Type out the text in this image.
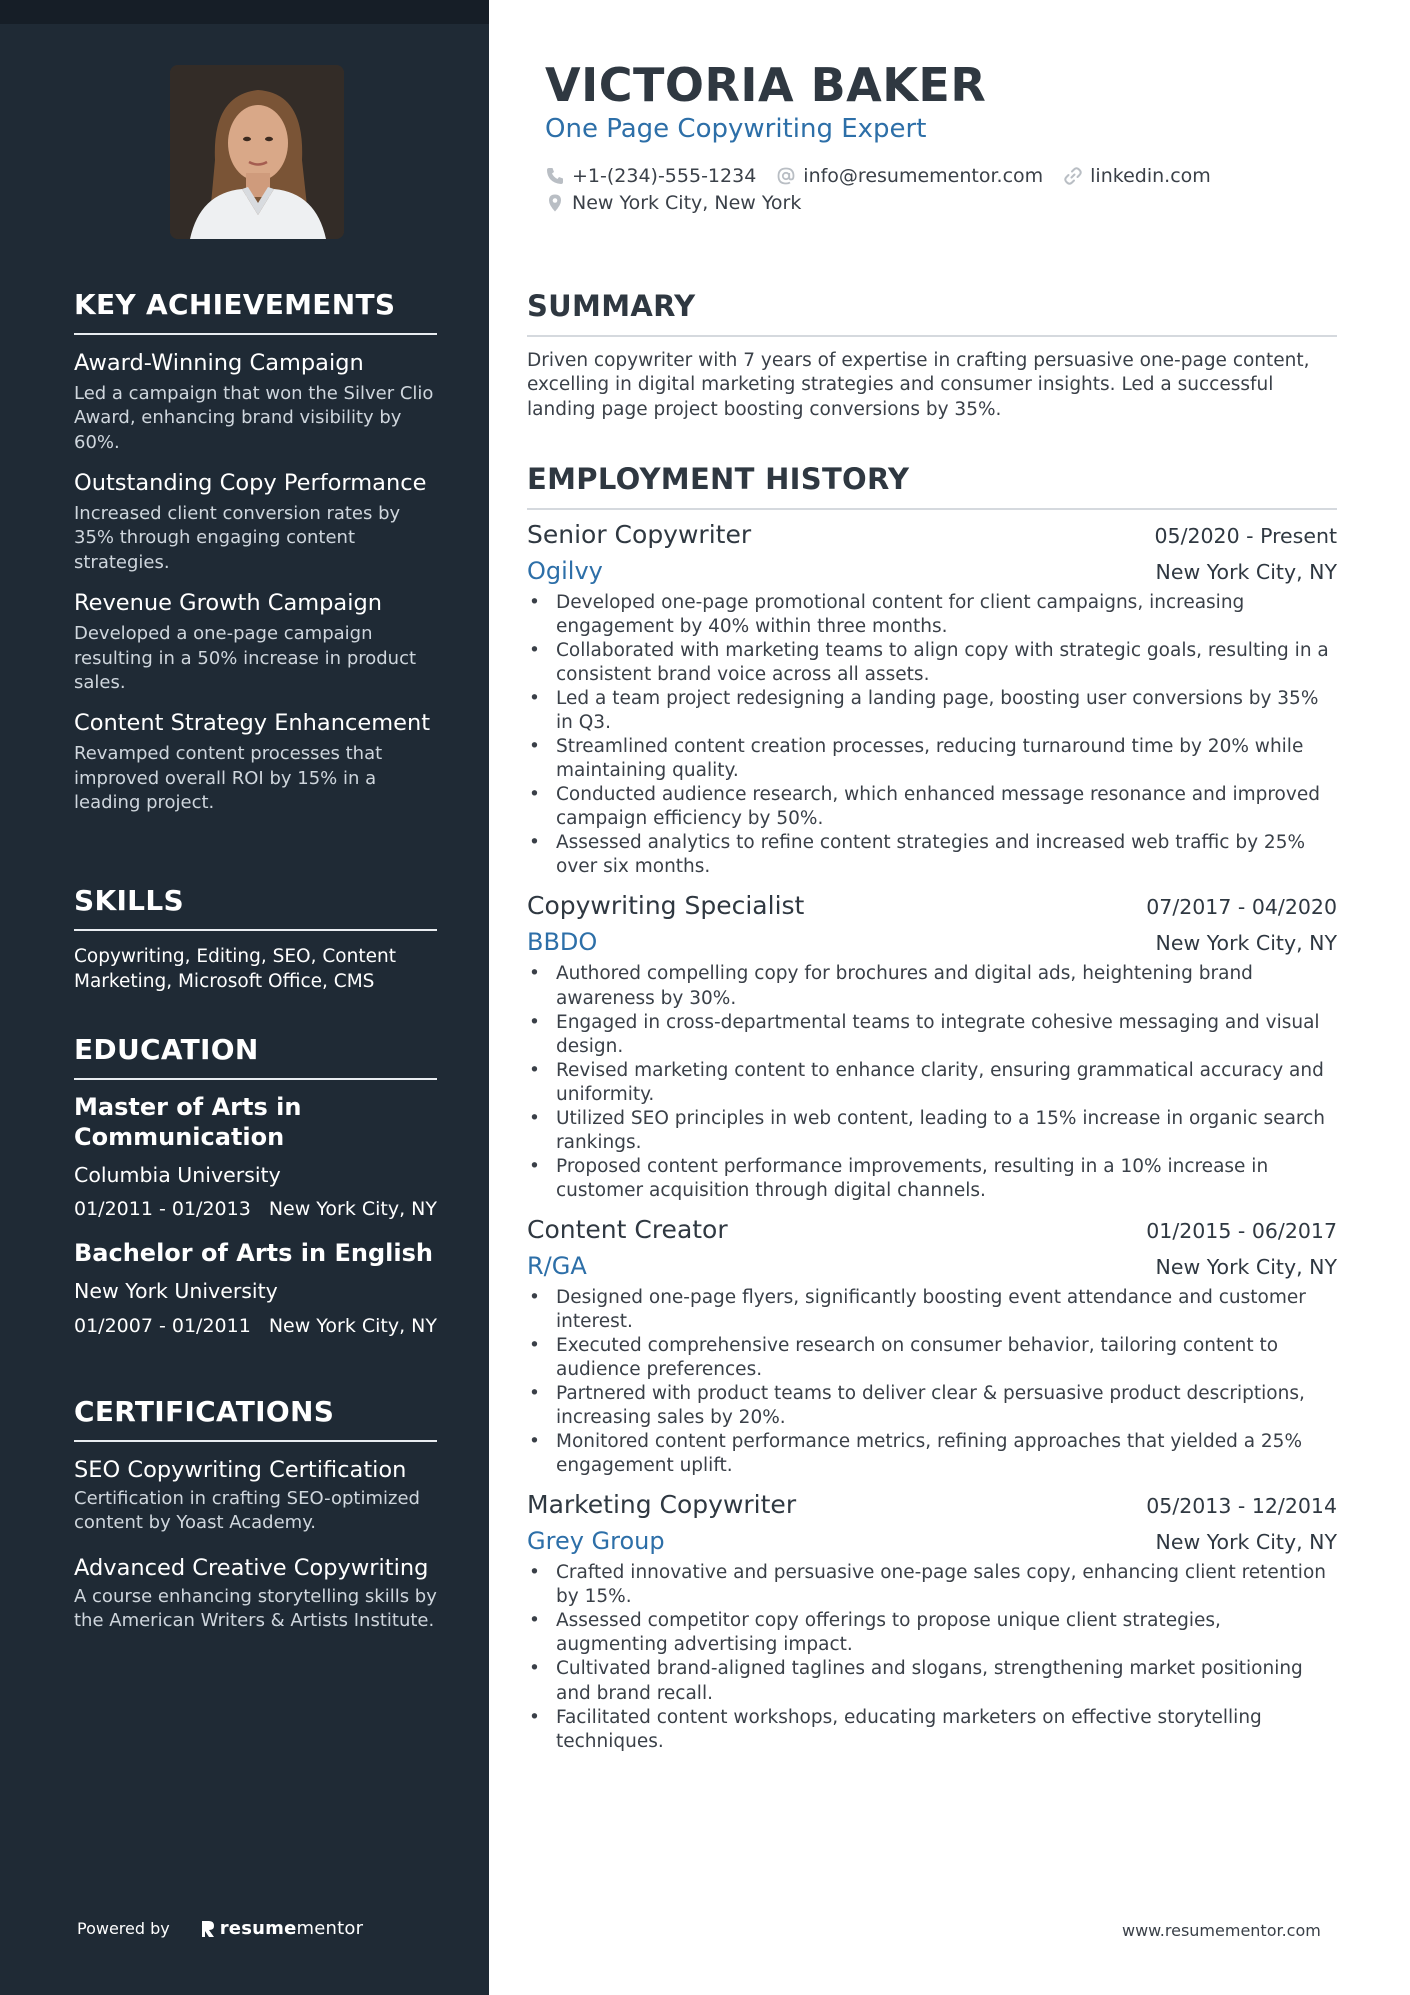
KEY ACHIEVEMENTS
Award-Winning Campaign
Led a campaign that won the Silver Clio Award, enhancing brand visibility by 60%.
Outstanding Copy Performance
Increased client conversion rates by 35% through engaging content strategies.
Revenue Growth Campaign
Developed a one-page campaign resulting in a 50% increase in product sales.
Content Strategy Enhancement
Revamped content processes that improved overall ROI by 15% in a leading project.
SKILLS
Copywriting, Editing, SEO, Content Marketing, Microsoft Office, CMS
EDUCATION
Master of Arts in Communication
Columbia University
01/2011 - 01/2013 New York City, NY
Bachelor of Arts in English
New York University
01/2007 - 01/2011 New York City, NY
CERTIFICATIONS
SEO Copywriting Certification
Certification in crafting SEO-optimized content by Yoast Academy.
Advanced Creative Copywriting
A course enhancing storytelling skills by the American Writers & Artists Institute.
Powered by	resume mentor
VICTORIA BAKER
One Page Copywriting Expert
+1-(234)-555-1234 info@resumementor.com linkedin.com
New York City, New York
SUMMARY
Driven copywriter with 7 years of expertise in crafting persuasive one-page content, excelling in digital marketing strategies and consumer insights. Led a successful landing page project boosting conversions by 35%.
EMPLOYMENT HISTORY
Senior Copywriter	05/2020 - Present
Ogilvy	New York City, NY
• Developed one-page promotional content for client campaigns, increasing engagement by 40% within three months.
• Collaborated with marketing teams to align copy with strategic goals, resulting in a consistent brand voice across all assets.
• Led a team project redesigning a landing page, boosting user conversions by 35% in Q3.
• Streamlined content creation processes, reducing turnaround time by 20% while maintaining quality.
• Conducted audience research, which enhanced message resonance and improved campaign efficiency by 50%.
• Assessed analytics to refine content strategies and increased web traffic by 25% over six months.
Copywriting Specialist	07/2017 - 04/2020
BBDO	New York City, NY
• Authored compelling copy for brochures and digital ads, heightening brand awareness by 30%.
• Engaged in cross-departmental teams to integrate cohesive messaging and visual design.
• Revised marketing content to enhance clarity, ensuring grammatical accuracy and uniformity.
• Utilized SEO principles in web content, leading to a 15% increase in organic search rankings.
• Proposed content performance improvements, resulting in a 10% increase in customer acquisition through digital channels.
Content Creator	01/2015 - 06/2017
R/GA	New York City, NY
• Designed one-page flyers, significantly boosting event attendance and customer interest.
• Executed comprehensive research on consumer behavior, tailoring content to audience preferences.
• Partnered with product teams to deliver clear & persuasive product descriptions, increasing sales by 20%.
• Monitored content performance metrics, refining approaches that yielded a 25% engagement uplift.
Marketing Copywriter	05/2013 - 12/2014
Grey Group	New York City, NY
• Crafted innovative and persuasive one-page sales copy, enhancing client retention by 15%.
• Assessed competitor copy offerings to propose unique client strategies, augmenting advertising impact.
• Cultivated brand-aligned taglines and slogans, strengthening market positioning and brand recall.
• Facilitated content workshops, educating marketers on effective storytelling techniques.
www.resumementor.com
